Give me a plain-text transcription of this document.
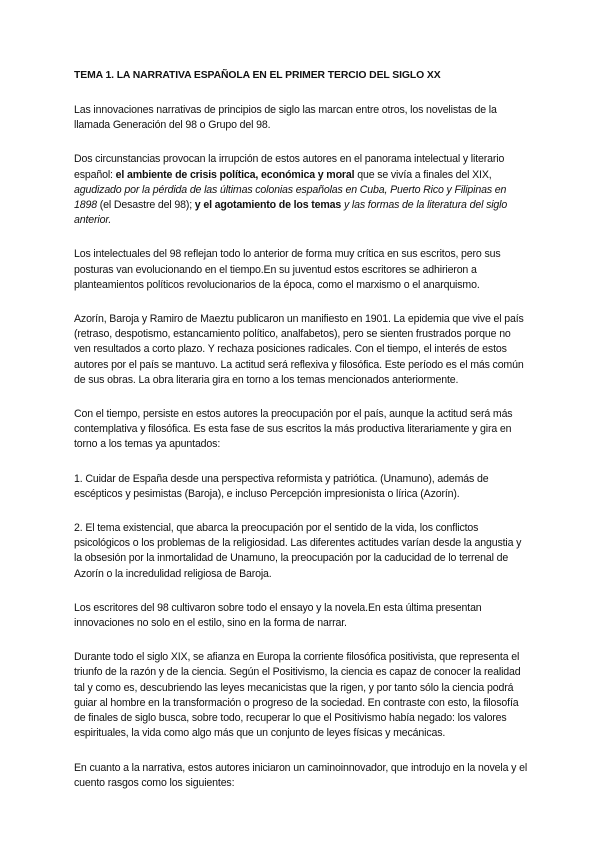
TEMA 1. LA NARRATIVA ESPAÑOLA EN EL PRIMER TERCIO DEL SIGLO XX

Las innovaciones narrativas de principios de siglo las marcan entre otros, los novelistas de la llamada Generación del 98 o Grupo del 98.

Dos circunstancias provocan la irrupción de estos autores en el panorama intelectual y literario español: el ambiente de crisis política, económica y moral que se vivía a finales del XIX, agudizado por la pérdida de las últimas colonias españolas en Cuba, Puerto Rico y Filipinas en 1898 (el Desastre del 98); y el agotamiento de los temas y las formas de la literatura del siglo anterior.

Los intelectuales del 98 reflejan todo lo anterior de forma muy crítica en sus escritos, pero sus posturas van evolucionando en el tiempo.En su juventud estos escritores se adhirieron a planteamientos políticos revolucionarios de la época, como el marxismo o el anarquismo.

Azorín, Baroja y Ramiro de Maeztu publicaron un manifiesto en 1901. La epidemia que vive el país (retraso, despotismo, estancamiento político, analfabetos), pero se sienten frustrados porque no ven resultados a corto plazo. Y rechaza posiciones radicales. Con el tiempo, el interés de estos autores por el país se mantuvo. La actitud será reflexiva y filosófica. Este período es el más común de sus obras. La obra literaria gira en torno a los temas mencionados anteriormente.

Con el tiempo, persiste en estos autores la preocupación por el país, aunque la actitud será más contemplativa y filosófica. Es esta fase de sus escritos la más productiva literariamente y gira en torno a los temas ya apuntados:

1. Cuidar de España desde una perspectiva reformista y patriótica. (Unamuno), además de escépticos y pesimistas (Baroja), e incluso Percepción impresionista o lírica (Azorín).

2. El tema existencial, que abarca la preocupación por el sentido de la vida, los conflictos psicológicos o los problemas de la religiosidad. Las diferentes actitudes varían desde la angustia y la obsesión por la inmortalidad de Unamuno, la preocupación por la caducidad de lo terrenal de Azorín o la incredulidad religiosa de Baroja.

Los escritores del 98 cultivaron sobre todo el ensayo y la novela.En esta última presentan innovaciones no solo en el estilo, sino en la forma de narrar.

Durante todo el siglo XIX, se afianza en Europa la corriente filosófica positivista, que representa el triunfo de la razón y de la ciencia. Según el Positivismo, la ciencia es capaz de conocer la realidad tal y como es, descubriendo las leyes mecanicistas que la rigen, y por tanto sólo la ciencia podrá guiar al hombre en la transformación o progreso de la sociedad. En contraste con esto, la filosofía de finales de siglo busca, sobre todo, recuperar lo que el Positivismo había negado: los valores espirituales, la vida como algo más que un conjunto de leyes físicas y mecánicas.

En cuanto a la narrativa, estos autores iniciaron un caminoinnovador, que introdujo en la novela y el cuento rasgos como los siguientes:
